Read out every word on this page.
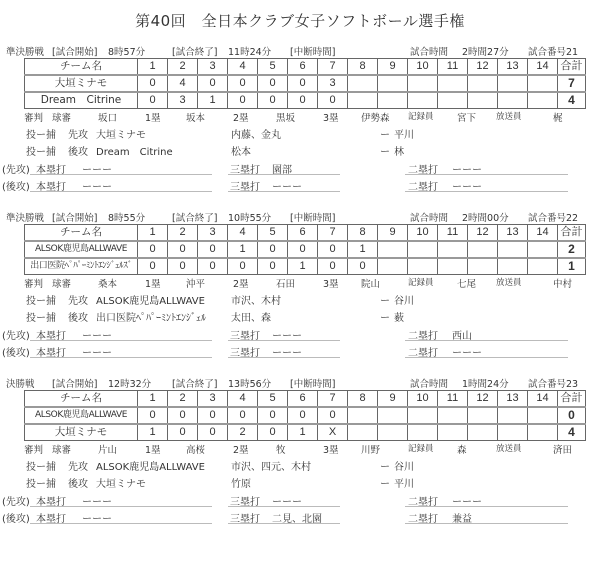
第40回　全日本クラブ女子ソフトボール選手権
準決勝戦 [試合開始] 8時57分	[試合終了] 11時24分 [中断時間]	試合時間 2時間27分 試合番号21
チーム名	1	2	3	4	5	6	7	8	9	10	11	12	13	14	合計
大垣ミナモ	0	4	0	0	0	0	3								7
Dream　Citrine	0	3	1	0	0	0	0								4
審判 球審	坂口	1塁	坂本	2塁	黒坂	3塁 伊勢森 記録員 宮下 放送員	梶
投ー捕 先攻 大垣ミナモ	内藤、金丸	ー 平川
投ー捕 後攻 Dream　Citrine	松本	ー 林
(先攻) 本塁打 ーーー	三塁打 園部	二塁打 ーーー
(後攻) 本塁打 ーーー	三塁打 ーーー	二塁打 ーーー
準決勝戦 [試合開始] 8時55分	[試合終了] 10時55分 [中断時間]	試合時間 2時間00分 試合番号22
チーム名	1	2	3	4	5	6	7	8	9	10	11	12	13	14	合計
ALSOK鹿児島ALLWAVE	0	0	0	1	0	0	0	1							2
出口医院ﾍﾟﾊﾟｰﾐﾝﾄｴﾝｼﾞｪﾙｽﾞ	0	0	0	0	0	1	0	0							1
審判 球審	桑本	1塁	沖平	2塁	石田	3塁 院山	記録員 七尾 放送員	中村
投ー捕 先攻 ALSOK鹿児島ALLWAVE	市沢、木村	ー 谷川
投ー捕 後攻 出口医院ﾍﾟﾊﾟｰﾐﾝﾄｴﾝｼﾞｪﾙ	太田、森	ー 薮
(先攻) 本塁打 ーーー	三塁打 ーーー	二塁打 西山
(後攻) 本塁打 ーーー	三塁打 ーーー	二塁打 ーーー
決勝戦 [試合開始] 12時32分 [試合終了] 13時56分 [中断時間]	試合時間 1時間24分 試合番号23
チーム名	1	2	3	4	5	6	7	8	9	10	11	12	13	14	合計
ALSOK鹿児島ALLWAVE	0	0	0	0	0	0	0								0
大垣ミナモ	1	0	0	2	0	1	X								4
審判 球審	片山	1塁	高桜	2塁	牧	3塁 川野	記録員 森	放送員	済田
投ー捕 先攻 ALSOK鹿児島ALLWAVE	市沢、四元、木村	ー 谷川
投ー捕 後攻 大垣ミナモ	竹原	ー 平川
(先攻) 本塁打 ーーー	三塁打 ーーー	二塁打 ーーー
(後攻) 本塁打 ーーー	三塁打 二見、北園	二塁打 兼益
